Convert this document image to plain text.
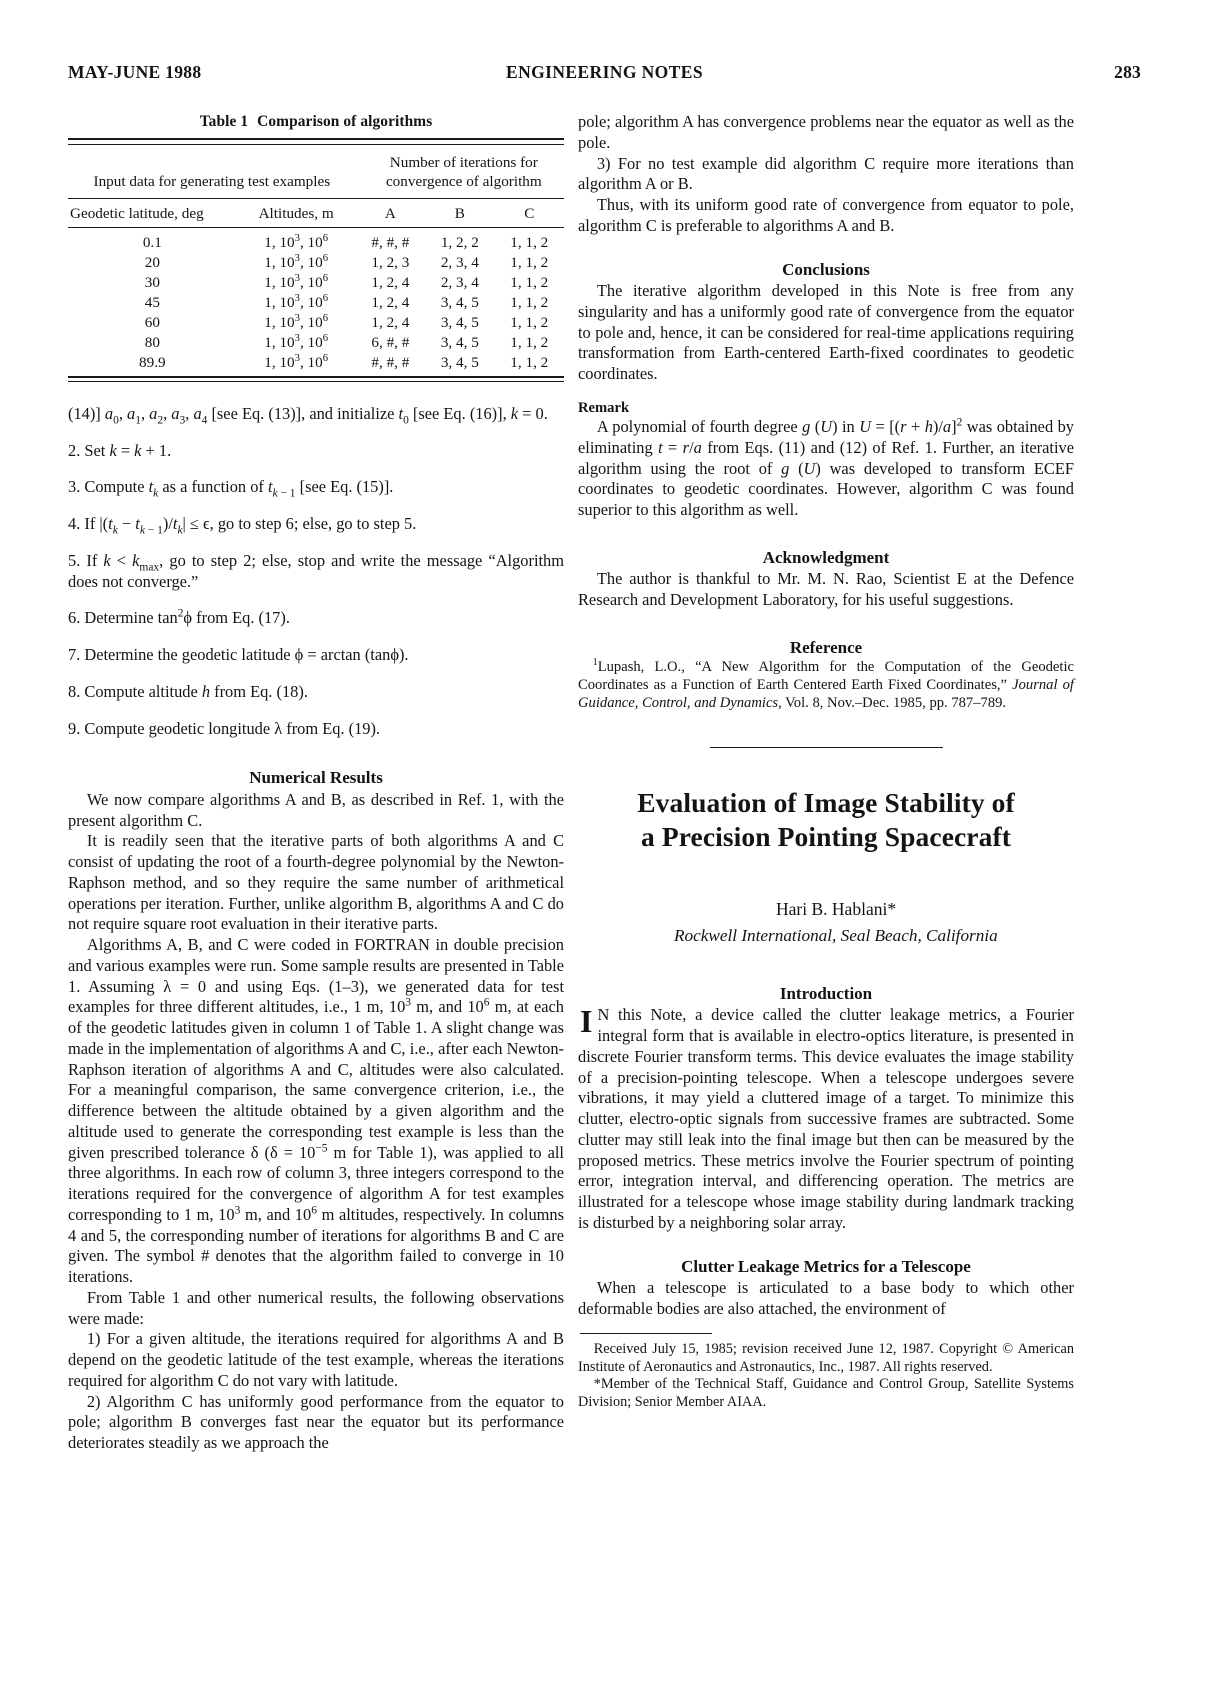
MAY-JUNE 1988	ENGINEERING NOTES	283
Table 1 Comparison of algorithms
Input data for generating test examples		Number of iterations for convergence of algorithm		
Geodetic latitude, deg	Altitudes, m	A	B	C
0.1	1, $10^3$, $10^6$	#, #, #	1, 2, 2	1, 1, 2
20	1, $10^3$, $10^6$	1, 2, 3	2, 3, 4	1, 1, 2
30	1, $10^3$, $10^6$	1, 2, 4	2, 3, 4	1, 1, 2
45	1, $10^3$, $10^6$	1, 2, 4	3, 4, 5	1, 1, 2
60	1, $10^3$, $10^6$	1, 2, 4	3, 4, 5	1, 1, 2
80	1, $10^3$, $10^6$	6, #, #	3, 4, 5	1, 1, 2
89.9	1, $10^3$, $10^6$	#, #, #	3, 4, 5	1, 1, 2

(14)] $a_0$, $a_1$, $a_2$, $a_3$, $a_4$ [see Eq. (13)], and initialize $t_0$ [see Eq. (16)], k = 0.

2. Set k = k + 1.

3. Compute $t_k$ as a function of $t_{k - 1}$ [see Eq. (15)].

4. If $|(t_k - t_{k - 1})/t_k| \le \epsilon$, go to step 6; else, go to step 5.

5. If $k < k_{max}$, go to step 2; else, stop and write the message “Algorithm does not converge.”

6. Determine $\tan^2\phi$ from Eq. (17).

7. Determine the geodetic latitude ϕ = arctan (tanϕ).

8. Compute altitude h from Eq. (18).

9. Compute geodetic longitude λ from Eq. (19).

Numerical Results

We now compare algorithms A and B, as described in Ref. 1, with the present algorithm C.

It is readily seen that the iterative parts of both algorithms A and C consist of updating the root of a fourth-degree polynomial by the Newton-Raphson method, and so they require the same number of arithmetical operations per iteration. Further, unlike algorithm B, algorithms A and C do not require square root evaluation in their iterative parts.

Algorithms A, B, and C were coded in FORTRAN in double precision and various examples were run. Some sample results are presented in Table 1. Assuming λ = 0 and using Eqs. (1–3), we generated data for test examples for three different altitudes, i.e., 1 m, $10^3$ m, and $10^6$ m, at each of the geodetic latitudes given in column 1 of Table 1. A slight change was made in the implementation of algorithms A and C, i.e., after each Newton-Raphson iteration of algorithms A and C, altitudes were also calculated. For a meaningful comparison, the same convergence criterion, i.e., the difference between the altitude obtained by a given algorithm and the altitude used to generate the corresponding test example is less than the given prescribed tolerance δ ($\delta = 10^{-5}$ m for Table 1), was applied to all three algorithms. In each row of column 3, three integers correspond to the iterations required for the convergence of algorithm A for test examples corresponding to 1 m, $10^3$ m, and $10^6$ m altitudes, respectively. In columns 4 and 5, the corresponding number of iterations for algorithms B and C are given. The symbol # denotes that the algorithm failed to converge in 10 iterations.

From Table 1 and other numerical results, the following observations were made:

1) For a given altitude, the iterations required for algorithms A and B depend on the geodetic latitude of the test example, whereas the iterations required for algorithm C do not vary with latitude.

2) Algorithm C has uniformly good performance from the equator to pole; algorithm B converges fast near the equator but its performance deteriorates steadily as we approach the

pole; algorithm A has convergence problems near the equator as well as the pole.

3) For no test example did algorithm C require more iterations than algorithm A or B.

Thus, with its uniform good rate of convergence from equator to pole, algorithm C is preferable to algorithms A and B.

Conclusions

The iterative algorithm developed in this Note is free from any singularity and has a uniformly good rate of convergence from the equator to pole and, hence, it can be considered for real-time applications requiring transformation from Earth-centered Earth-fixed coordinates to geodetic coordinates.

Remark

A polynomial of fourth degree g (U) in $U = [(r + h)/a]^2$ was obtained by eliminating t = r/a from Eqs. (11) and (12) of Ref. 1. Further, an iterative algorithm using the root of g (U) was developed to transform ECEF coordinates to geodetic coordinates. However, algorithm C was found superior to this algorithm as well.

Acknowledgment

The author is thankful to Mr. M. N. Rao, Scientist E at the Defence Research and Development Laboratory, for his useful suggestions.

Reference

$^1$Lupash, L.O., “A New Algorithm for the Computation of the Geodetic Coordinates as a Function of Earth Centered Earth Fixed Coordinates,” Journal of Guidance, Control, and Dynamics, Vol. 8, Nov.–Dec. 1985, pp. 787–789.

Evaluation of Image Stability of
a Precision Pointing Spacecraft

Hari B. Hablani*

Rockwell International, Seal Beach, California

Introduction

I N this Note, a device called the clutter leakage metrics, a Fourier integral form that is available in electro-optics literature, is presented in discrete Fourier transform terms. This device evaluates the image stability of a precision-pointing telescope. When a telescope undergoes severe vibrations, it may yield a cluttered image of a target. To minimize this clutter, electro-optic signals from successive frames are subtracted. Some clutter may still leak into the final image but then can be measured by the proposed metrics. These metrics involve the Fourier spectrum of pointing error, integration interval, and differencing operation. The metrics are illustrated for a telescope whose image stability during landmark tracking is disturbed by a neighboring solar array.

Clutter Leakage Metrics for a Telescope

When a telescope is articulated to a base body to which other deformable bodies are also attached, the environment of

Received July 15, 1985; revision received June 12, 1987. Copyright © American Institute of Aeronautics and Astronautics, Inc., 1987. All rights reserved.

*Member of the Technical Staff, Guidance and Control Group, Satellite Systems Division; Senior Member AIAA.
